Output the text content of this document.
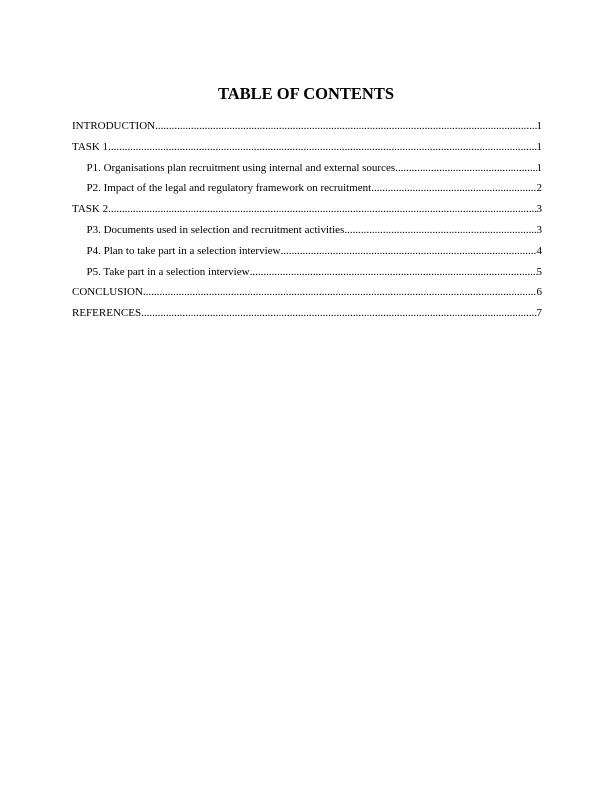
TABLE OF CONTENTS
INTRODUCTION .....	1
TASK 1 .....	1
P1. Organisations plan recruitment using internal and external sources .....	1
P2. Impact of the legal and regulatory framework on recruitment .....	2
TASK 2 .....	3
P3. Documents used in selection and recruitment activities .....	3
P4. Plan to take part in a selection interview .....	4
P5. Take part in a selection interview .....	5
CONCLUSION .....	6
REFERENCES .....	7
